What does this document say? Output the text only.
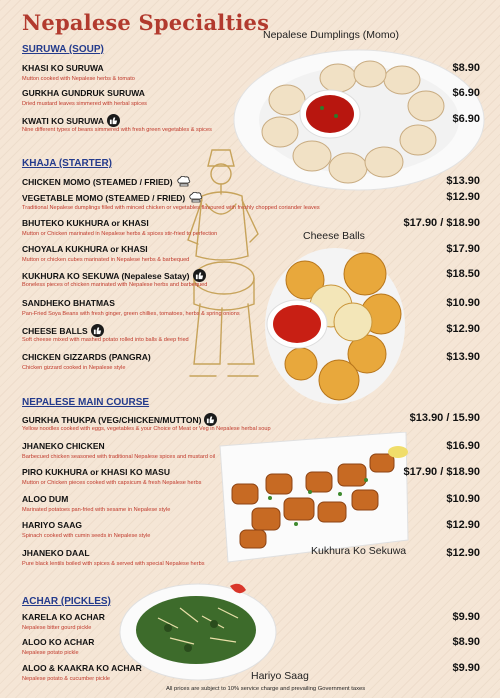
Nepalese Specialties
Nepalese Dumplings (Momo)
Cheese Balls
Kukhura Ko Sekuwa
Hariyo Saag
SURUWA (SOUP)
KHAJA (STARTER)
NEPALESE MAIN COURSE
ACHAR (PICKLES)
KHASI KO SURUWA
Mutton cooked with Nepalese herbs & tomato
$8.90
GURKHA GUNDRUK SURUWA
Dried mustard leaves simmered with herbal spices
$6.90
KWATI KO SURUWA
Nine different types of beans simmered with fresh green vegetables & spices
$6.90
CHICKEN MOMO (STEAMED / FRIED)	$13.90
VEGETABLE MOMO (STEAMED / FRIED)
Traditional Nepalese dumplings filled with minced chicken or vegetables flavoured with freshly chopped coriander leaves
$12.90
BHUTEKO KUKHURA or KHASI
Mutton or Chicken marinated in Nepalese herbs & spices stir-fried to perfection
$17.90 / $18.90
CHOYALA KUKHURA or KHASI
Mutton or chicken cubes marinated in Nepalese herbs & barbequed
$17.90
KUKHURA KO SEKUWA (Nepalese Satay)
Boneless pieces of chicken marinated with Nepalese herbs and barbequed
$18.50
SANDHEKO BHATMAS
Pan-Fried Soya Beans with fresh ginger, green chillies, tomatoes, herbs & spring onions
$10.90
CHEESE BALLS
Soft cheese mixed with mashed potato rolled into balls & deep fried
$12.90
CHICKEN GIZZARDS (PANGRA)
Chicken gizzard cooked in Nepalese style
$13.90
GURKHA THUKPA (VEG/CHICKEN/MUTTON)
Yellow noodles cooked with eggs, vegetables & your Choice of Meat or Veg in Nepalese herbal soup
$13.90 / 15.90
JHANEKO CHICKEN
Barbecued chicken seasoned with traditional Nepalese spices and mustard oil
$16.90
PIRO KUKHURA or KHASI KO MASU
Mutton or Chicken pieces cooked with capsicum & fresh Nepalese herbs
$17.90 / $18.90
ALOO DUM
Marinated potatoes pan-fried with sesame in Nepalese style
$10.90
HARIYO SAAG
Spinach cooked with cumin seeds in Nepalese style
$12.90
JHANEKO DAAL
Pure black lentils boiled with spices & served with special Nepalese herbs
$12.90
KARELA KO ACHAR
Nepalese bitter gourd pickle
$9.90
ALOO KO ACHAR
Nepalese potato pickle
$8.90
ALOO & KAAKRA KO ACHAR
Nepalese potato & cucumber pickle
$9.90
All prices are subject to 10% service charge and prevailing Government taxes
